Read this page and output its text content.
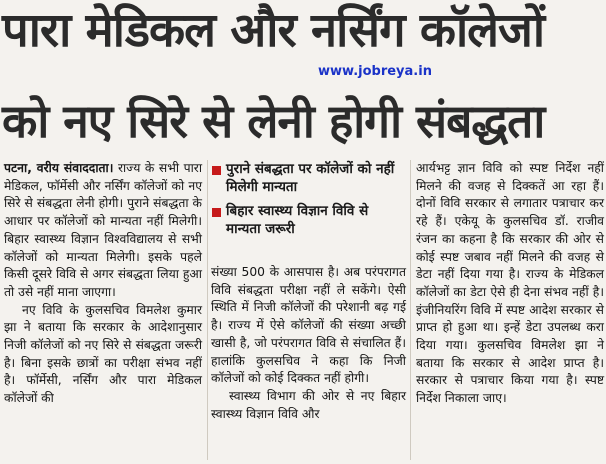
पारा मेडिकल और नर्सिंग कॉलेजों
www.jobreya.in
को नए सिरे से लेनी होगी संबद्धता

पटना, वरीय संवाददाता। राज्य के सभी पारा मेडिकल, फॉर्मेसी और नर्सिंग कॉलेजों को नए सिरे से संबद्धता लेनी होगी। पुराने संबद्धता के आधार पर कॉलेजों को मान्यता नहीं मिलेगी। बिहार स्वास्थ्य विज्ञान विश्वविद्यालय से सभी कॉलेजों को मान्यता मिलेगी। इसके पहले किसी दूसरे विवि से अगर संबद्धता लिया हुआ तो उसे नहीं माना जाएगा।

नए विवि के कुलसचिव विमलेश कुमार झा ने बताया कि सरकार के आदेशानुसार निजी कॉलेजों को नए सिरे से संबद्धता जरूरी है। बिना इसके छात्रों का परीक्षा संभव नहीं है। फॉर्मेसी, नर्सिंग और पारा मेडिकल कॉलेजों की

पुराने संबद्धता पर कॉलेजों को नहीं मिलेगी मान्यता
बिहार स्वास्थ्य विज्ञान विवि से मान्यता जरूरी

संख्या 500 के आसपास है। अब परंपरागत विवि संबद्धता परीक्षा नहीं ले सकेंगे। ऐसी स्थिति में निजी कॉलेजों की परेशानी बढ़ गई है। राज्य में ऐसे कॉलेजों की संख्या अच्छी खासी है, जो परंपरागत विवि से संचालित हैं। हालांकि कुलसचिव ने कहा कि निजी कॉलेजों को कोई दिक्कत नहीं होगी।

स्वास्थ्य विभाग की ओर से नए बिहार स्वास्थ्य विज्ञान विवि और

आर्यभट्ट ज्ञान विवि को स्पष्ट निर्देश नहीं मिलने की वजह से दिक्कतें आ रहा हैं। दोनों विवि सरकार से लगातार पत्राचार कर रहे हैं। एकेयू के कुलसचिव डॉ. राजीव रंजन का कहना है कि सरकार की ओर से कोई स्पष्ट जबाव नहीं मिलने की वजह से डेटा नहीं दिया गया है। राज्य के मेडिकल कॉलेजों का डेटा ऐसे ही देना संभव नहीं है। इंजीनियरिंग विवि में स्पष्ट आदेश सरकार से प्राप्त हो हुआ था। इन्हें डेटा उपलब्ध करा दिया गया। कुलसचिव विमलेश झा ने बताया कि सरकार से आदेश प्राप्त है। सरकार से पत्राचार किया गया है। स्पष्ट निर्देश निकाला जाए।
